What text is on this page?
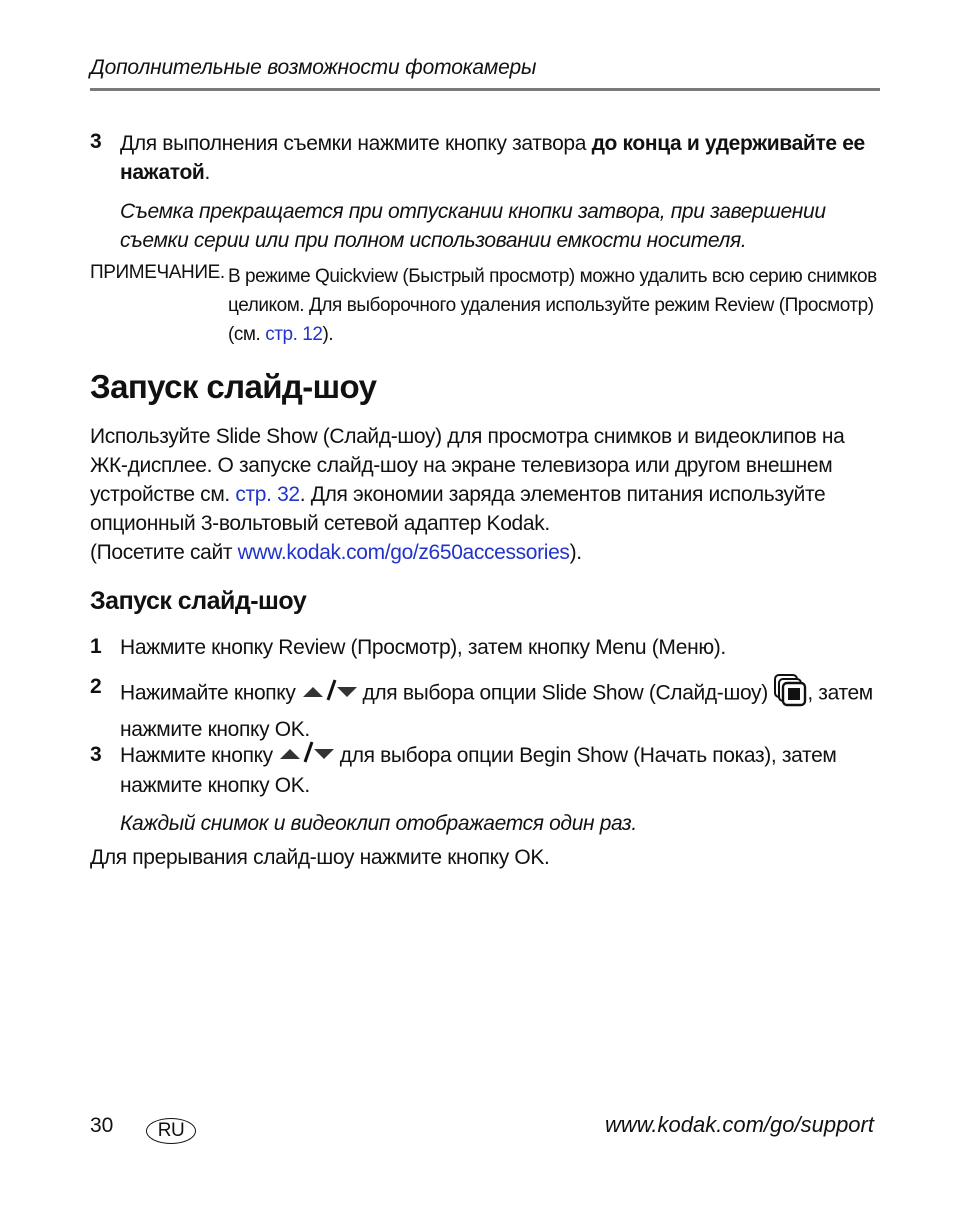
Дополнительные возможности фотокамеры
3 Для выполнения съемки нажмите кнопку затвора до конца и удерживайте ее
нажатой.
Съемка прекращается при отпускании кнопки затвора, при завершении
съемки серии или при полном использовании емкости носителя.
ПРИМЕЧАНИЕ. В режиме Quickview (Быстрый просмотр) можно удалить всю серию снимков
целиком. Для выборочного удаления используйте режим Review (Просмотр)
(см. стр. 12).
Запуск слайд-шоу
Используйте Slide Show (Слайд-шоу) для просмотра снимков и видеоклипов на
ЖК-дисплее. О запуске слайд-шоу на экране телевизора или другом внешнем
устройстве см. стр. 32. Для экономии заряда элементов питания используйте
опционный 3-вольтовый сетевой адаптер Kodak.
(Посетите сайт www.kodak.com/go/z650accessories).
Запуск слайд-шоу
1 Нажмите кнопку Review (Просмотр), затем кнопку Menu (Меню).
2 Нажимайте кнопку	для выбора опции Slide Show (Слайд-шоу) , затем
нажмите кнопку OK.
3 Нажмите кнопку	для выбора опции Begin Show (Начать показ), затем
нажмите кнопку OK.
Каждый снимок и видеоклип отображается один раз.
Для прерывания слайд-шоу нажмите кнопку OK.
30	RU	www.kodak.com/go/support
